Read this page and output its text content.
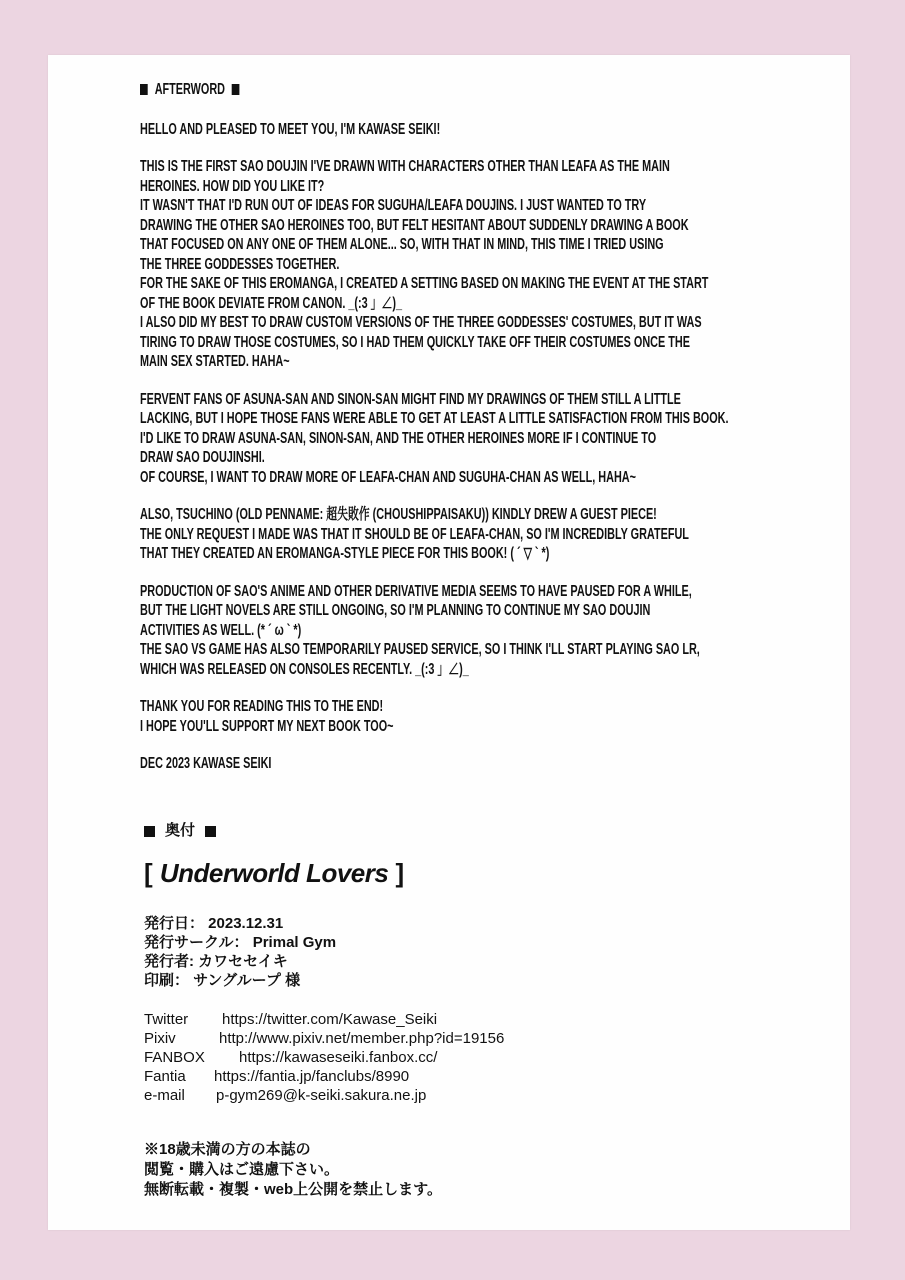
AFTERWORD
HELLO AND PLEASED TO MEET YOU, I'M KAWASE SEIKI!
THIS IS THE FIRST SAO DOUJIN I'VE DRAWN WITH CHARACTERS OTHER THAN LEAFA AS THE MAIN
HEROINES. HOW DID YOU LIKE IT?
IT WASN'T THAT I'D RUN OUT OF IDEAS FOR SUGUHA/LEAFA DOUJINS. I JUST WANTED TO TRY
DRAWING THE OTHER SAO HEROINES TOO, BUT FELT HESITANT ABOUT SUDDENLY DRAWING A BOOK
THAT FOCUSED ON ANY ONE OF THEM ALONE... SO, WITH THAT IN MIND, THIS TIME I TRIED USING
THE THREE GODDESSES TOGETHER.
FOR THE SAKE OF THIS EROMANGA, I CREATED A SETTING BASED ON MAKING THE EVENT AT THE START
OF THE BOOK DEVIATE FROM CANON. _(:3 」∠)_
I ALSO DID MY BEST TO DRAW CUSTOM VERSIONS OF THE THREE GODDESSES' COSTUMES, BUT IT WAS
TIRING TO DRAW THOSE COSTUMES, SO I HAD THEM QUICKLY TAKE OFF THEIR COSTUMES ONCE THE
MAIN SEX STARTED. HAHA~
FERVENT FANS OF ASUNA-SAN AND SINON-SAN MIGHT FIND MY DRAWINGS OF THEM STILL A LITTLE
LACKING, BUT I HOPE THOSE FANS WERE ABLE TO GET AT LEAST A LITTLE SATISFACTION FROM THIS BOOK.
I'D LIKE TO DRAW ASUNA-SAN, SINON-SAN, AND THE OTHER HEROINES MORE IF I CONTINUE TO
DRAW SAO DOUJINSHI.
OF COURSE, I WANT TO DRAW MORE OF LEAFA-CHAN AND SUGUHA-CHAN AS WELL, HAHA~
ALSO, TSUCHINO (OLD PENNAME: 超失敗作 (CHOUSHIPPAISAKU)) KINDLY DREW A GUEST PIECE!
THE ONLY REQUEST I MADE WAS THAT IT SHOULD BE OF LEAFA-CHAN, SO I'M INCREDIBLY GRATEFUL
THAT THEY CREATED AN EROMANGA-STYLE PIECE FOR THIS BOOK! ( ´ ▽ ` *)
PRODUCTION OF SAO'S ANIME AND OTHER DERIVATIVE MEDIA SEEMS TO HAVE PAUSED FOR A WHILE,
BUT THE LIGHT NOVELS ARE STILL ONGOING, SO I'M PLANNING TO CONTINUE MY SAO DOUJIN
ACTIVITIES AS WELL. (* ´ ω ` *)
THE SAO VS GAME HAS ALSO TEMPORARILY PAUSED SERVICE, SO I THINK I'LL START PLAYING SAO LR,
WHICH WAS RELEASED ON CONSOLES RECENTLY. _(:3 」∠)_
THANK YOU FOR READING THIS TO THE END!
I HOPE YOU'LL SUPPORT MY NEXT BOOK TOO~
DEC 2023 KAWASE SEIKI
奥付
[ Underworld Lovers ]
発行日： 2023.12.31
発行サークル： Primal Gym
発行者: カワセセイキ
印刷： サングループ 様
Twitter https://twitter.com/Kawase_Seiki
Pixiv	http://www.pixiv.net/member.php?id=19156
FANBOX https://kawaseseiki.fanbox.cc/
Fantia https://fantia.jp/fanclubs/8990
e-mail p-gym269@k-seiki.sakura.ne.jp
※18歳未満の方の本誌の
閲覧・購入はご遠慮下さい。
無断転載・複製・web上公開を禁止します。
